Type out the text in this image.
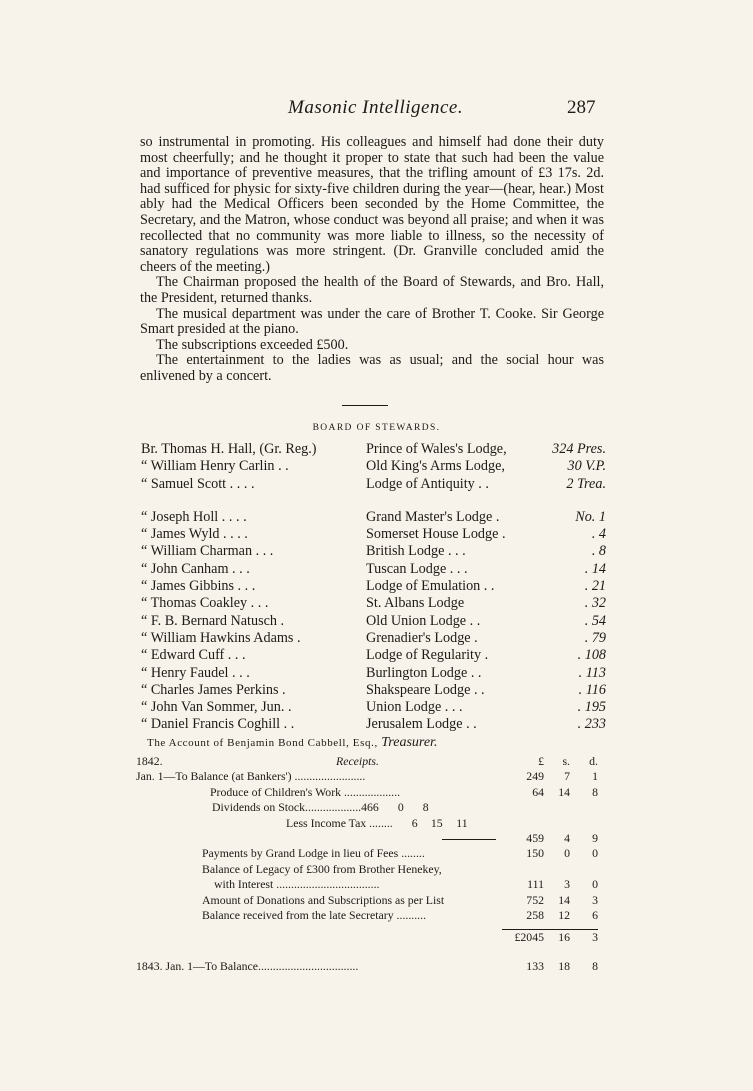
Masonic Intelligence.	287

so instrumental in promoting. His colleagues and himself had done their duty most cheerfully; and he thought it proper to state that such had been the value and importance of preventive measures, that the trifling amount of £3 17s. 2d. had sufficed for physic for sixty-five children during the year—(hear, hear.) Most ably had the Medical Officers been seconded by the Home Committee, the Secretary, and the Matron, whose conduct was beyond all praise; and when it was recollected that no community was more liable to illness, so the necessity of sanatory regulations was more stringent. (Dr. Granville concluded amid the cheers of the meeting.)

The Chairman proposed the health of the Board of Stewards, and Bro. Hall, the President, returned thanks.

The musical department was under the care of Brother T. Cooke. Sir George Smart presided at the piano.

The subscriptions exceeded £500.

The entertainment to the ladies was as usual; and the social hour was enlivened by a concert.

BOARD OF STEWARDS.
Br. Thomas H. Hall, (Gr. Reg.)	Prince of Wales's Lodge,	324 Pres.
“ William Henry Carlin . .	Old King's Arms Lodge,	30 V.P.
“ Samuel Scott . . . .	Lodge of Antiquity . .	2 Trea.
“ Joseph Holl . . . .	Grand Master's Lodge .	No. 1
“ James Wyld . . . .	Somerset House Lodge .	. 4
“ William Charman . . .	British Lodge . . .	. 8
“ John Canham . . .	Tuscan Lodge . . .	. 14
“ James Gibbins . . .	Lodge of Emulation . .	. 21
“ Thomas Coakley . . .	St. Albans Lodge	. 32
“ F. B. Bernard Natusch .	Old Union Lodge . .	. 54
“ William Hawkins Adams .	Grenadier's Lodge .	. 79
“ Edward Cuff . . .	Lodge of Regularity .	. 108
“ Henry Faudel . . .	Burlington Lodge . .	. 113
“ Charles James Perkins .	Shakspeare Lodge . .	. 116
“ John Van Sommer, Jun. .	Union Lodge . . .	. 195
“ Daniel Francis Coghill . .	Jerusalem Lodge . .	. 233
The Account of Benjamin Bond Cabbell, Esq., Treasurer.
1842.	Receipts.	£	s.	d.
Jan. 1—To Balance (at Bankers') ........................	249	7	1
Produce of Children's Work ...................	64	14	8
Dividends on Stock...................466 0 8
Less Income Tax ........ 6 15 11
459	4	9
Payments by Grand Lodge in lieu of Fees ........	150	0	0
Balance of Legacy of £300 from Brother Henekey,
with Interest ...................................	111	3	0
Amount of Donations and Subscriptions as per List	752	14	3
Balance received from the late Secretary ..........	258	12	6
£2045	16	3
1843. Jan. 1—To Balance..................................	133	18	8
